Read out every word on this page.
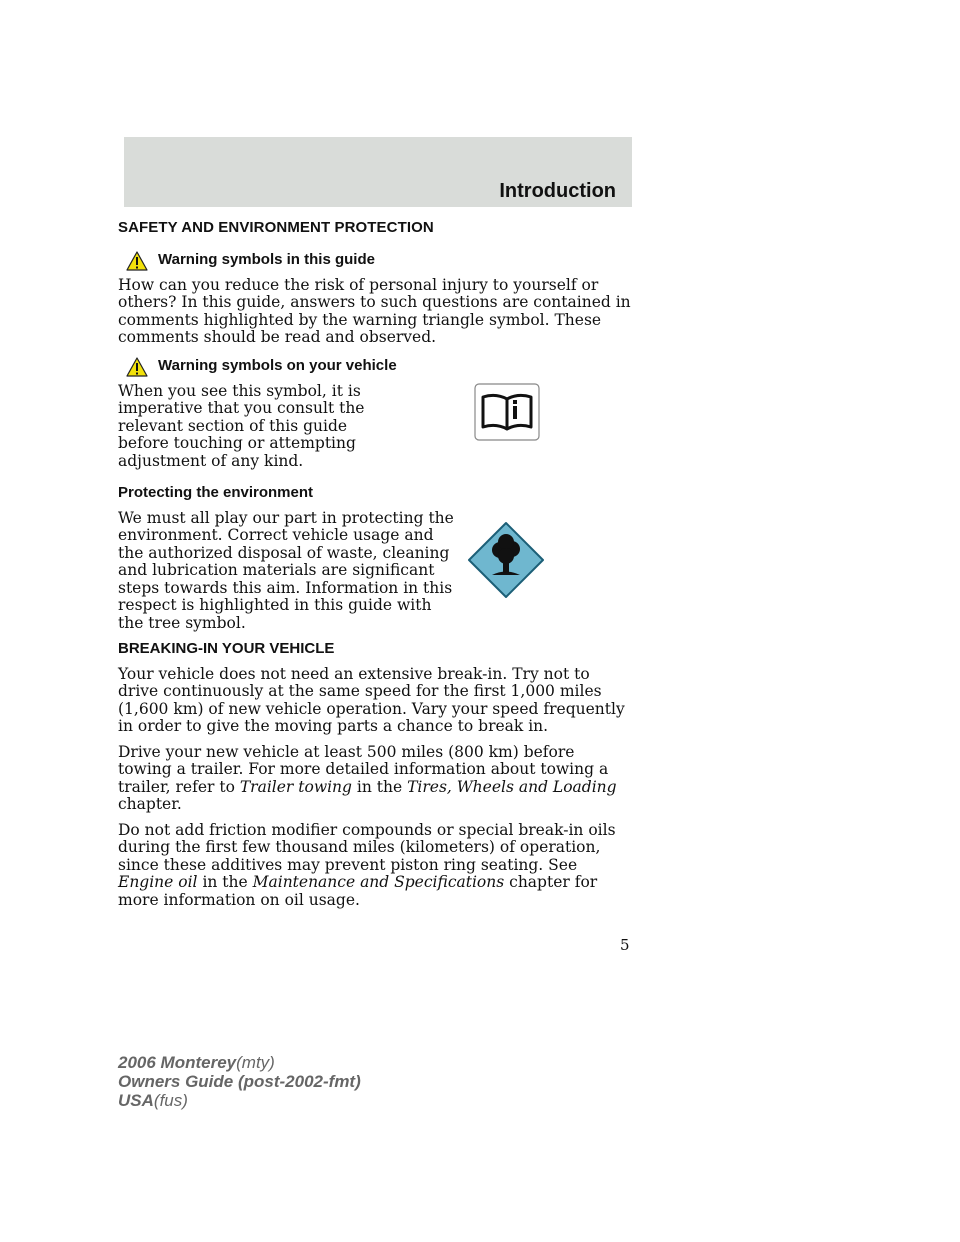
Introduction
SAFETY AND ENVIRONMENT PROTECTION
Warning symbols in this guide

How can you reduce the risk of personal injury to yourself or others? In this guide, answers to such questions are contained in comments highlighted by the warning triangle symbol. These comments should be read and observed.

Warning symbols on your vehicle

When you see this symbol, it is imperative that you consult the relevant section of this guide before touching or attempting adjustment of any kind.

Protecting the environment

We must all play our part in protecting the environment. Correct vehicle usage and the authorized disposal of waste, cleaning and lubrication materials are significant steps towards this aim. Information in this respect is highlighted in this guide with the tree symbol.

BREAKING-IN YOUR VEHICLE

Your vehicle does not need an extensive break-in. Try not to drive continuously at the same speed for the first 1,000 miles (1,600 km) of new vehicle operation. Vary your speed frequently in order to give the moving parts a chance to break in.

Drive your new vehicle at least 500 miles (800 km) before towing a trailer. For more detailed information about towing a trailer, refer to Trailer towing in the Tires, Wheels and Loading chapter.

Do not add friction modifier compounds or special break-in oils during the first few thousand miles (kilometers) of operation, since these additives may prevent piston ring seating. See Engine oil in the Maintenance and Specifications chapter for more information on oil usage.

5
2006 Monterey(mty)
Owners Guide (post-2002-fmt)
USA(fus)
